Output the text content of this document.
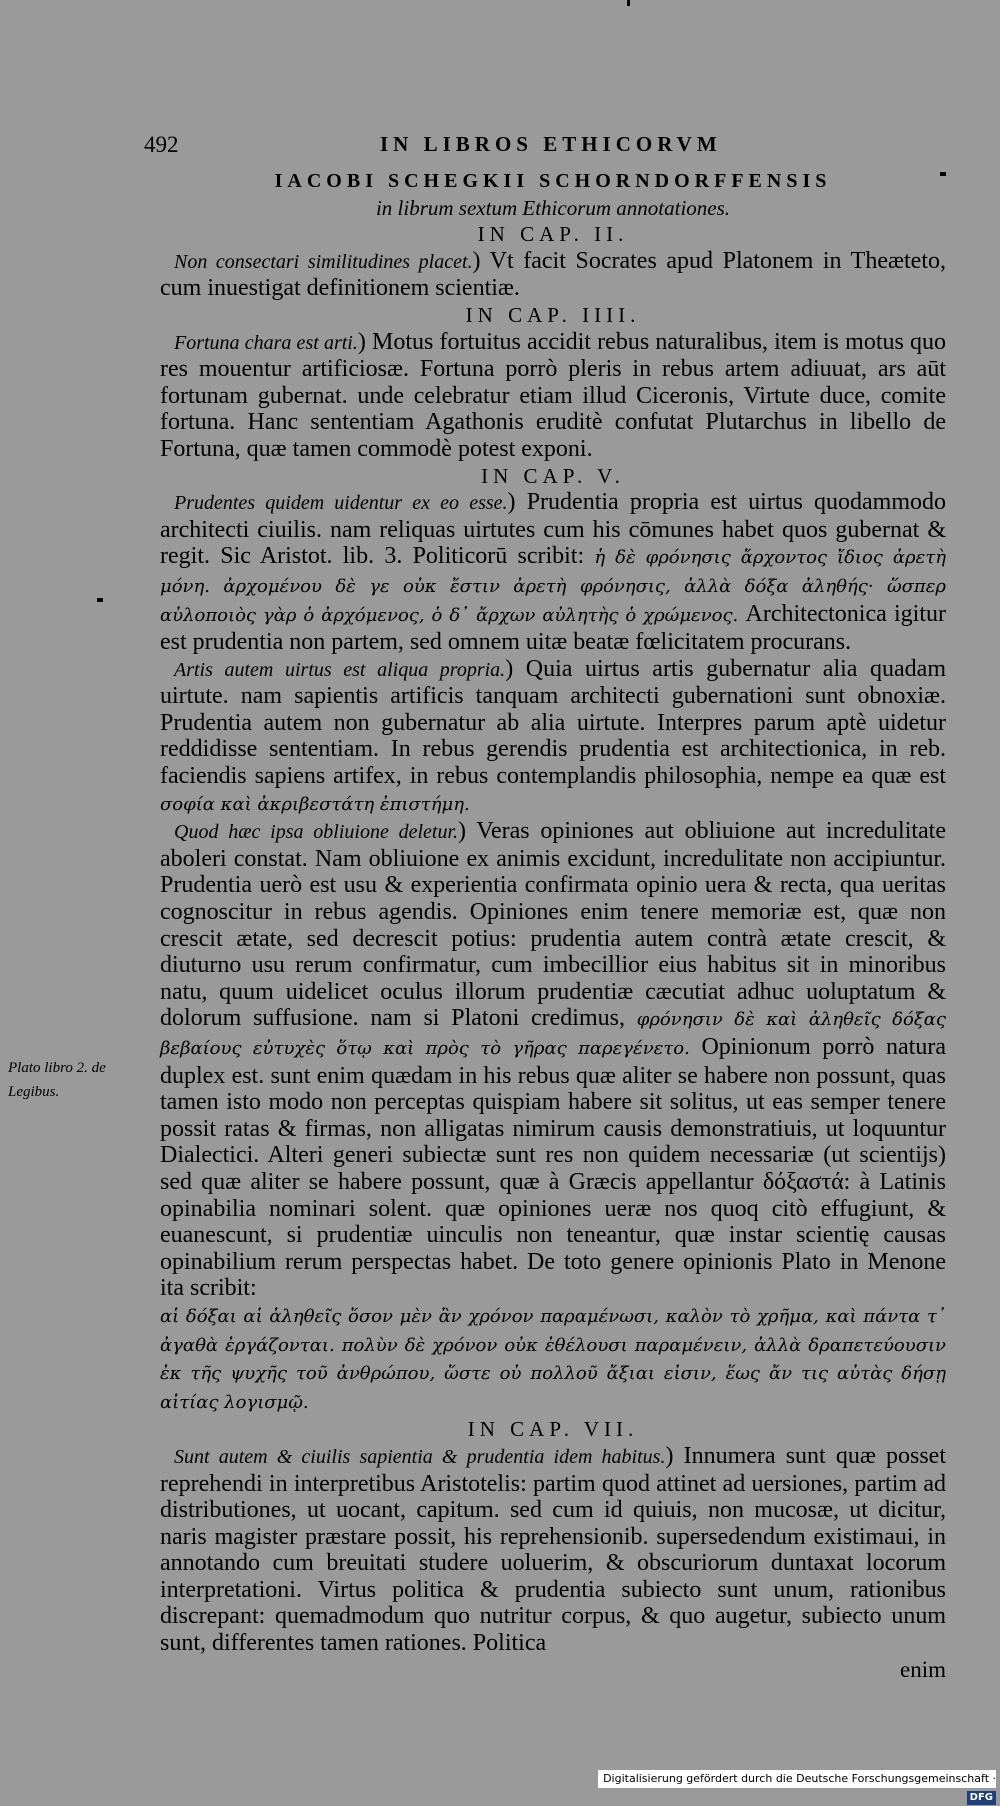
492	IN LIBROS ETHICORVM
Plato libro 2. de Legibus.
IACOBI SCHEGKII SCHORNDORFFENSIS
in librum sextum Ethicorum annotationes.
IN CAP. II.

Non consectari similitudines placet.) Vt facit Socrates apud Platonem in Theæteto, cum inuestigat definitionem scientiæ.

IN CAP. IIII.

Fortuna chara est arti.) Motus fortuitus accidit rebus naturalibus, item is motus quo res mouentur artificiosæ. Fortuna porrò pleris in rebus artem adiuuat, ars aūt fortunam gubernat. unde celebratur etiam illud Ciceronis, Virtute duce, comite fortuna. Hanc sententiam Agathonis eruditè confutat Plutarchus in libello de Fortuna, quæ tamen commodè potest exponi.

IN CAP. V.

Prudentes quidem uidentur ex eo esse.) Prudentia propria est uirtus quodammodo architecti ciuilis. nam reliquas uirtutes cum his cōmunes habet quos gubernat & regit. Sic Aristot. lib. 3. Politicorū scribit: ἡ δὲ φρόνησις ἄρχοντος ἴδιος ἀρετὴ μόνη. ἀρχομένου δὲ γε οὐκ ἔστιν ἀρετὴ φρόνησις, ἀλλὰ δόξα ἀληθής· ὥσπερ αὐλοποιὸς γὰρ ὁ ἀρχόμενος, ὁ δ᾽ ἄρχων αὐλητὴς ὁ χρώμενος. Architectonica igitur est prudentia non partem, sed omnem uitæ beatæ fœlicitatem procurans.

Artis autem uirtus est aliqua propria.) Quia uirtus artis gubernatur alia quadam uirtute. nam sapientis artificis tanquam architecti gubernationi sunt obnoxiæ. Prudentia autem non gubernatur ab alia uirtute. Interpres parum aptè uidetur reddidisse sententiam. In rebus gerendis prudentia est architectionica, in reb. faciendis sapiens artifex, in rebus contemplandis philosophia, nempe ea quæ est σοφία καὶ ἀκριβεστάτη ἐπιστήμη.

Quod hæc ipsa obliuione deletur.) Veras opiniones aut obliuione aut incredulitate aboleri constat. Nam obliuione ex animis excidunt, incredulitate non accipiuntur. Prudentia uerò est usu & experientia confirmata opinio uera & recta, qua ueritas cognoscitur in rebus agendis. Opiniones enim tenere memoriæ est, quæ non crescit ætate, sed decrescit potius: prudentia autem contrà ætate crescit, & diuturno usu rerum confirmatur, cum imbecillior eius habitus sit in minoribus natu, quum uidelicet oculus illorum prudentiæ cæcutiat adhuc uoluptatum & dolorum suffusione. nam si Platoni credimus, φρόνησιν δὲ καὶ ἀληθεῖς δόξας βεβαίους εὐτυχὲς ὅτῳ καὶ πρὸς τὸ γῆρας παρεγένετο. Opinionum porrò natura duplex est. sunt enim quædam in his rebus quæ aliter se habere non possunt, quas tamen isto modo non perceptas quispiam habere sit solitus, ut eas semper tenere possit ratas & firmas, non alligatas nimirum causis demonstratiuis, ut loquuntur Dialectici. Alteri generi subiectæ sunt res non quidem necessariæ (ut scientijs) sed quæ aliter se habere possunt, quæ à Græcis appellantur δόξαστά: à Latinis opinabilia nominari solent. quæ opiniones ueræ nos quoq citò effugiunt, & euanescunt, si prudentiæ uinculis non teneantur, quæ instar scientię causas opinabilium rerum perspectas habet. De toto genere opinionis Plato in Menone ita scribit:

αἱ δόξαι αἱ ἀληθεῖς ὅσον μὲν ἂν χρόνον παραμένωσι, καλὸν τὸ χρῆμα, καὶ πάντα τ᾽ ἀγαθὰ ἐργάζονται. πολὺν δὲ χρόνον οὐκ ἐθέλουσι παραμένειν, ἀλλὰ δραπετεύουσιν ἐκ τῆς ψυχῆς τοῦ ἀνθρώπου, ὥστε οὐ πολλοῦ ἄξιαι εἰσιν, ἕως ἄν τις αὐτὰς δήσῃ αἰτίας λογισμῷ.

IN CAP. VII.

Sunt autem & ciuilis sapientia & prudentia idem habitus.) Innumera sunt quæ posset reprehendi in interpretibus Aristotelis: partim quod attinet ad uersiones, partim ad distributiones, ut uocant, capitum. sed cum id quiuis, non mucosæ, ut dicitur, naris magister præstare possit, his reprehensionib. supersedendum existimaui, in annotando cum breuitati studere uoluerim, & obscuriorum duntaxat locorum interpretationi. Virtus politica & prudentia subiecto sunt unum, rationibus discrepant: quemadmodum quo nutritur corpus, & quo augetur, subiecto unum sunt, differentes tamen rationes. Politica

enim

Digitalisierung gefördert durch die Deutsche Forschungsgemeinschaft ·DFG
